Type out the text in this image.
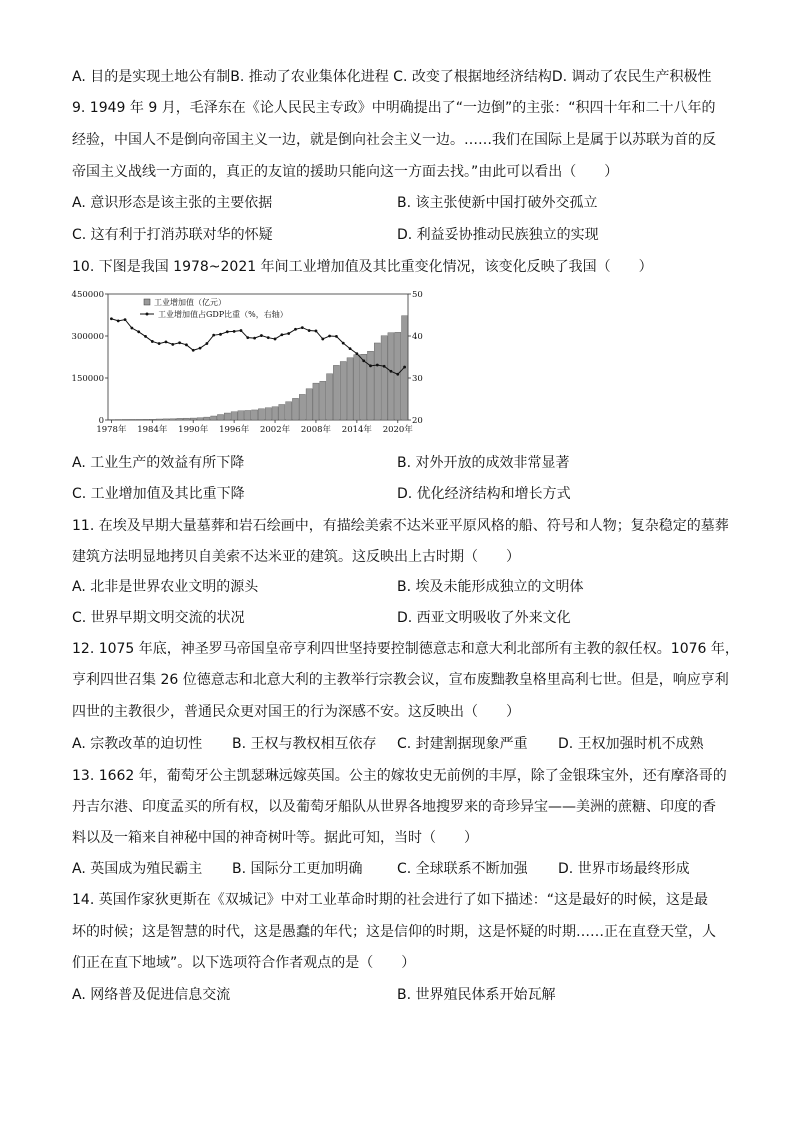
A. 目的是实现土地公有制B. 推动了农业集体化进程 C. 改变了根据地经济结构D. 调动了农民生产积极性
9. 1949 年 9 月，毛泽东在《论人民民主专政》中明确提出了“一边倒”的主张：“积四十年和二十八年的
经验，中国人不是倒向帝国主义一边，就是倒向社会主义一边。……我们在国际上是属于以苏联为首的反
帝国主义战线一方面的，真正的友谊的援助只能向这一方面去找。”由此可以看出（　　）
A. 意识形态是该主张的主要依据	B. 该主张使新中国打破外交孤立
C. 这有利于打消苏联对华的怀疑	D. 利益妥协推动民族独立的实现
10. 下图是我国 1978~2021 年间工业增加值及其比重变化情况，该变化反映了我国（　　）
450000
300000
150000
0
50
40
30
20
1978年 1984年 1990年 1996年 2002年 2008年 2014年 2020年
工业增加值（亿元）
工业增加值占GDP比重（%，右轴）
A. 工业生产的效益有所下降	B. 对外开放的成效非常显著
C. 工业增加值及其比重下降	D. 优化经济结构和增长方式
11. 在埃及早期大量墓葬和岩石绘画中，有描绘美索不达米亚平原风格的船、符号和人物；复杂稳定的墓葬
建筑方法明显地拷贝自美索不达米亚的建筑。这反映出上古时期（　　）
A. 北非是世界农业文明的源头	B. 埃及未能形成独立的文明体
C. 世界早期文明交流的状况	D. 西亚文明吸收了外来文化
12. 1075 年底，神圣罗马帝国皇帝亨利四世坚持要控制德意志和意大利北部所有主教的叙任权。1076 年，
亨利四世召集 26 位德意志和北意大利的主教举行宗教会议，宣布废黜教皇格里高利七世。但是，响应亨利
四世的主教很少，普通民众更对国王的行为深感不安。这反映出（　　）
A. 宗教改革的迫切性 B. 王权与教权相互依存 C. 封建割据现象严重 D. 王权加强时机不成熟
13. 1662 年，葡萄牙公主凯瑟琳远嫁英国。公主的嫁妆史无前例的丰厚，除了金银珠宝外，还有摩洛哥的
丹吉尔港、印度孟买的所有权，以及葡萄牙船队从世界各地搜罗来的奇珍异宝——美洲的蔗糖、印度的香
料以及一箱来自神秘中国的神奇树叶等。据此可知，当时（　　）
A. 英国成为殖民霸主 B. 国际分工更加明确 C. 全球联系不断加强 D. 世界市场最终形成
14. 英国作家狄更斯在《双城记》中对工业革命时期的社会进行了如下描述：“这是最好的时候，这是最
坏的时候；这是智慧的时代，这是愚蠢的年代；这是信仰的时期，这是怀疑的时期……正在直登天堂，人
们正在直下地域”。以下选项符合作者观点的是（　　）
A. 网络普及促进信息交流	B. 世界殖民体系开始瓦解
